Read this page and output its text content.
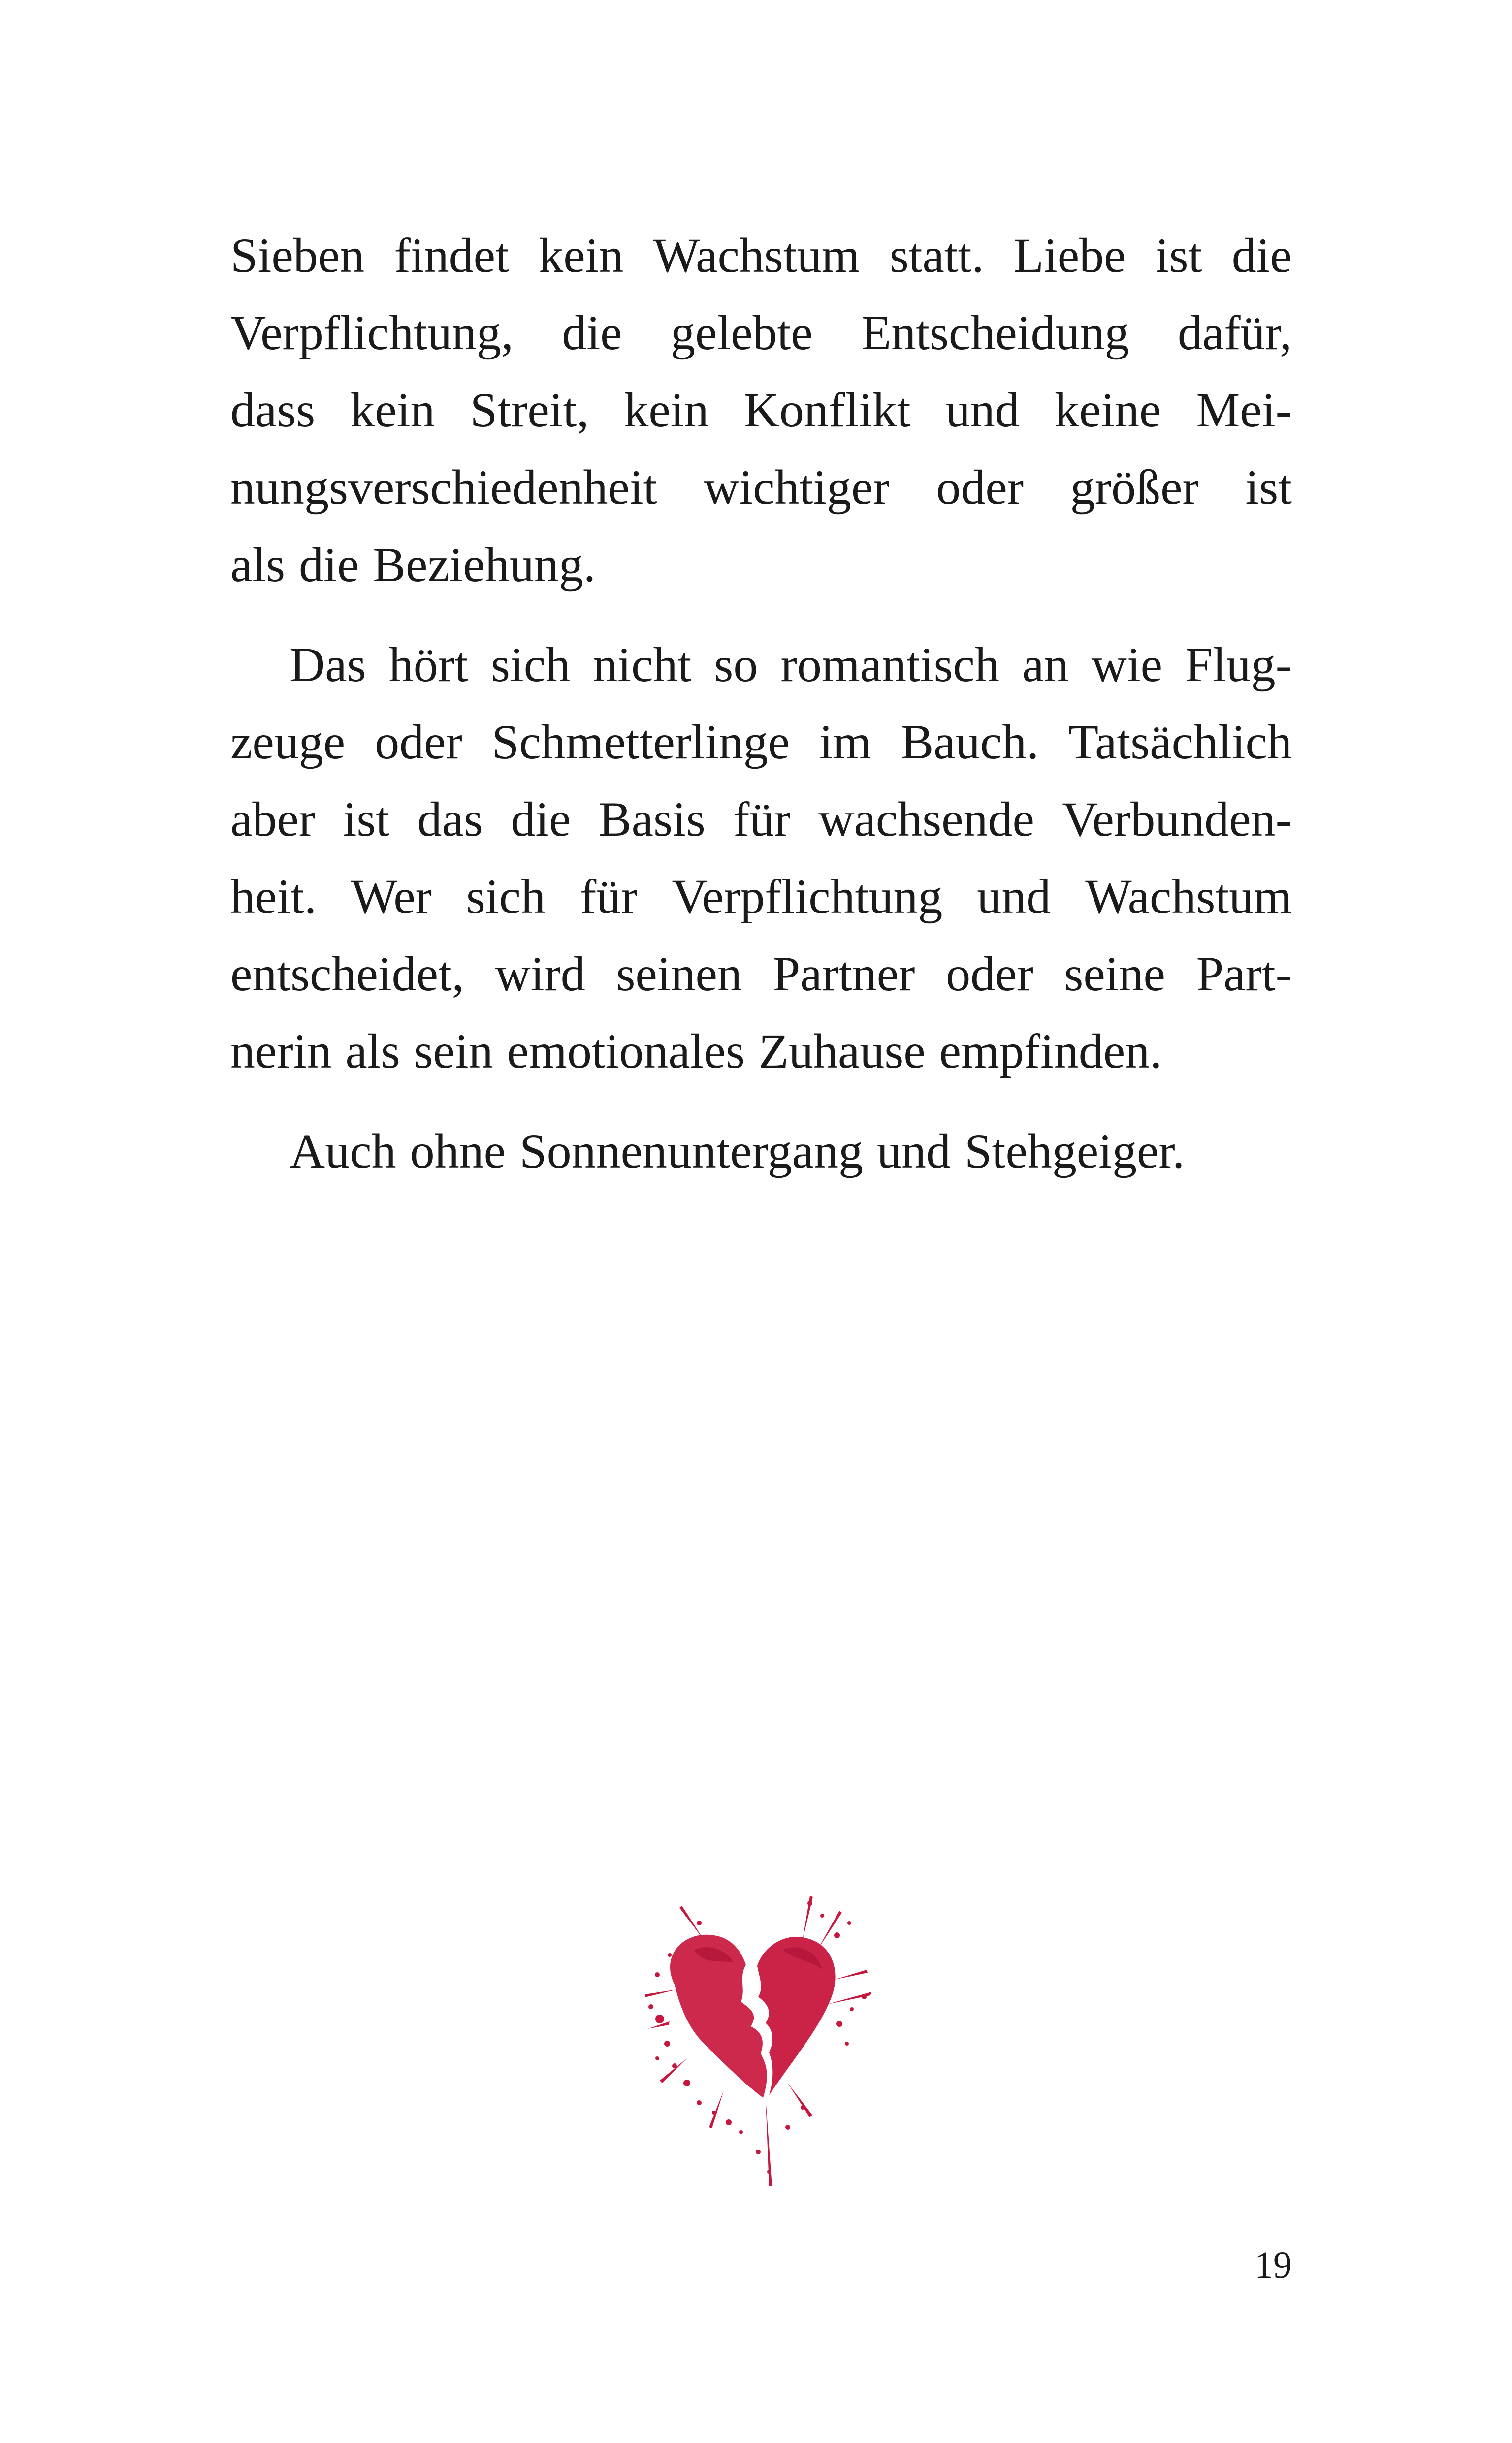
Sieben findet kein Wachstum statt. Liebe ist die
Verpflichtung, die gelebte Entscheidung dafür,
dass kein Streit, kein Konflikt und keine Mei-
nungsverschiedenheit wichtiger oder größer ist
als die Beziehung.
Das hört sich nicht so romantisch an wie Flug-
zeuge oder Schmetterlinge im Bauch. Tatsächlich
aber ist das die Basis für wachsende Verbunden-
heit. Wer sich für Verpflichtung und Wachstum
entscheidet, wird seinen Partner oder seine Part-
nerin als sein emotionales Zuhause empfinden.
Auch ohne Sonnenuntergang und Stehgeiger.
19
